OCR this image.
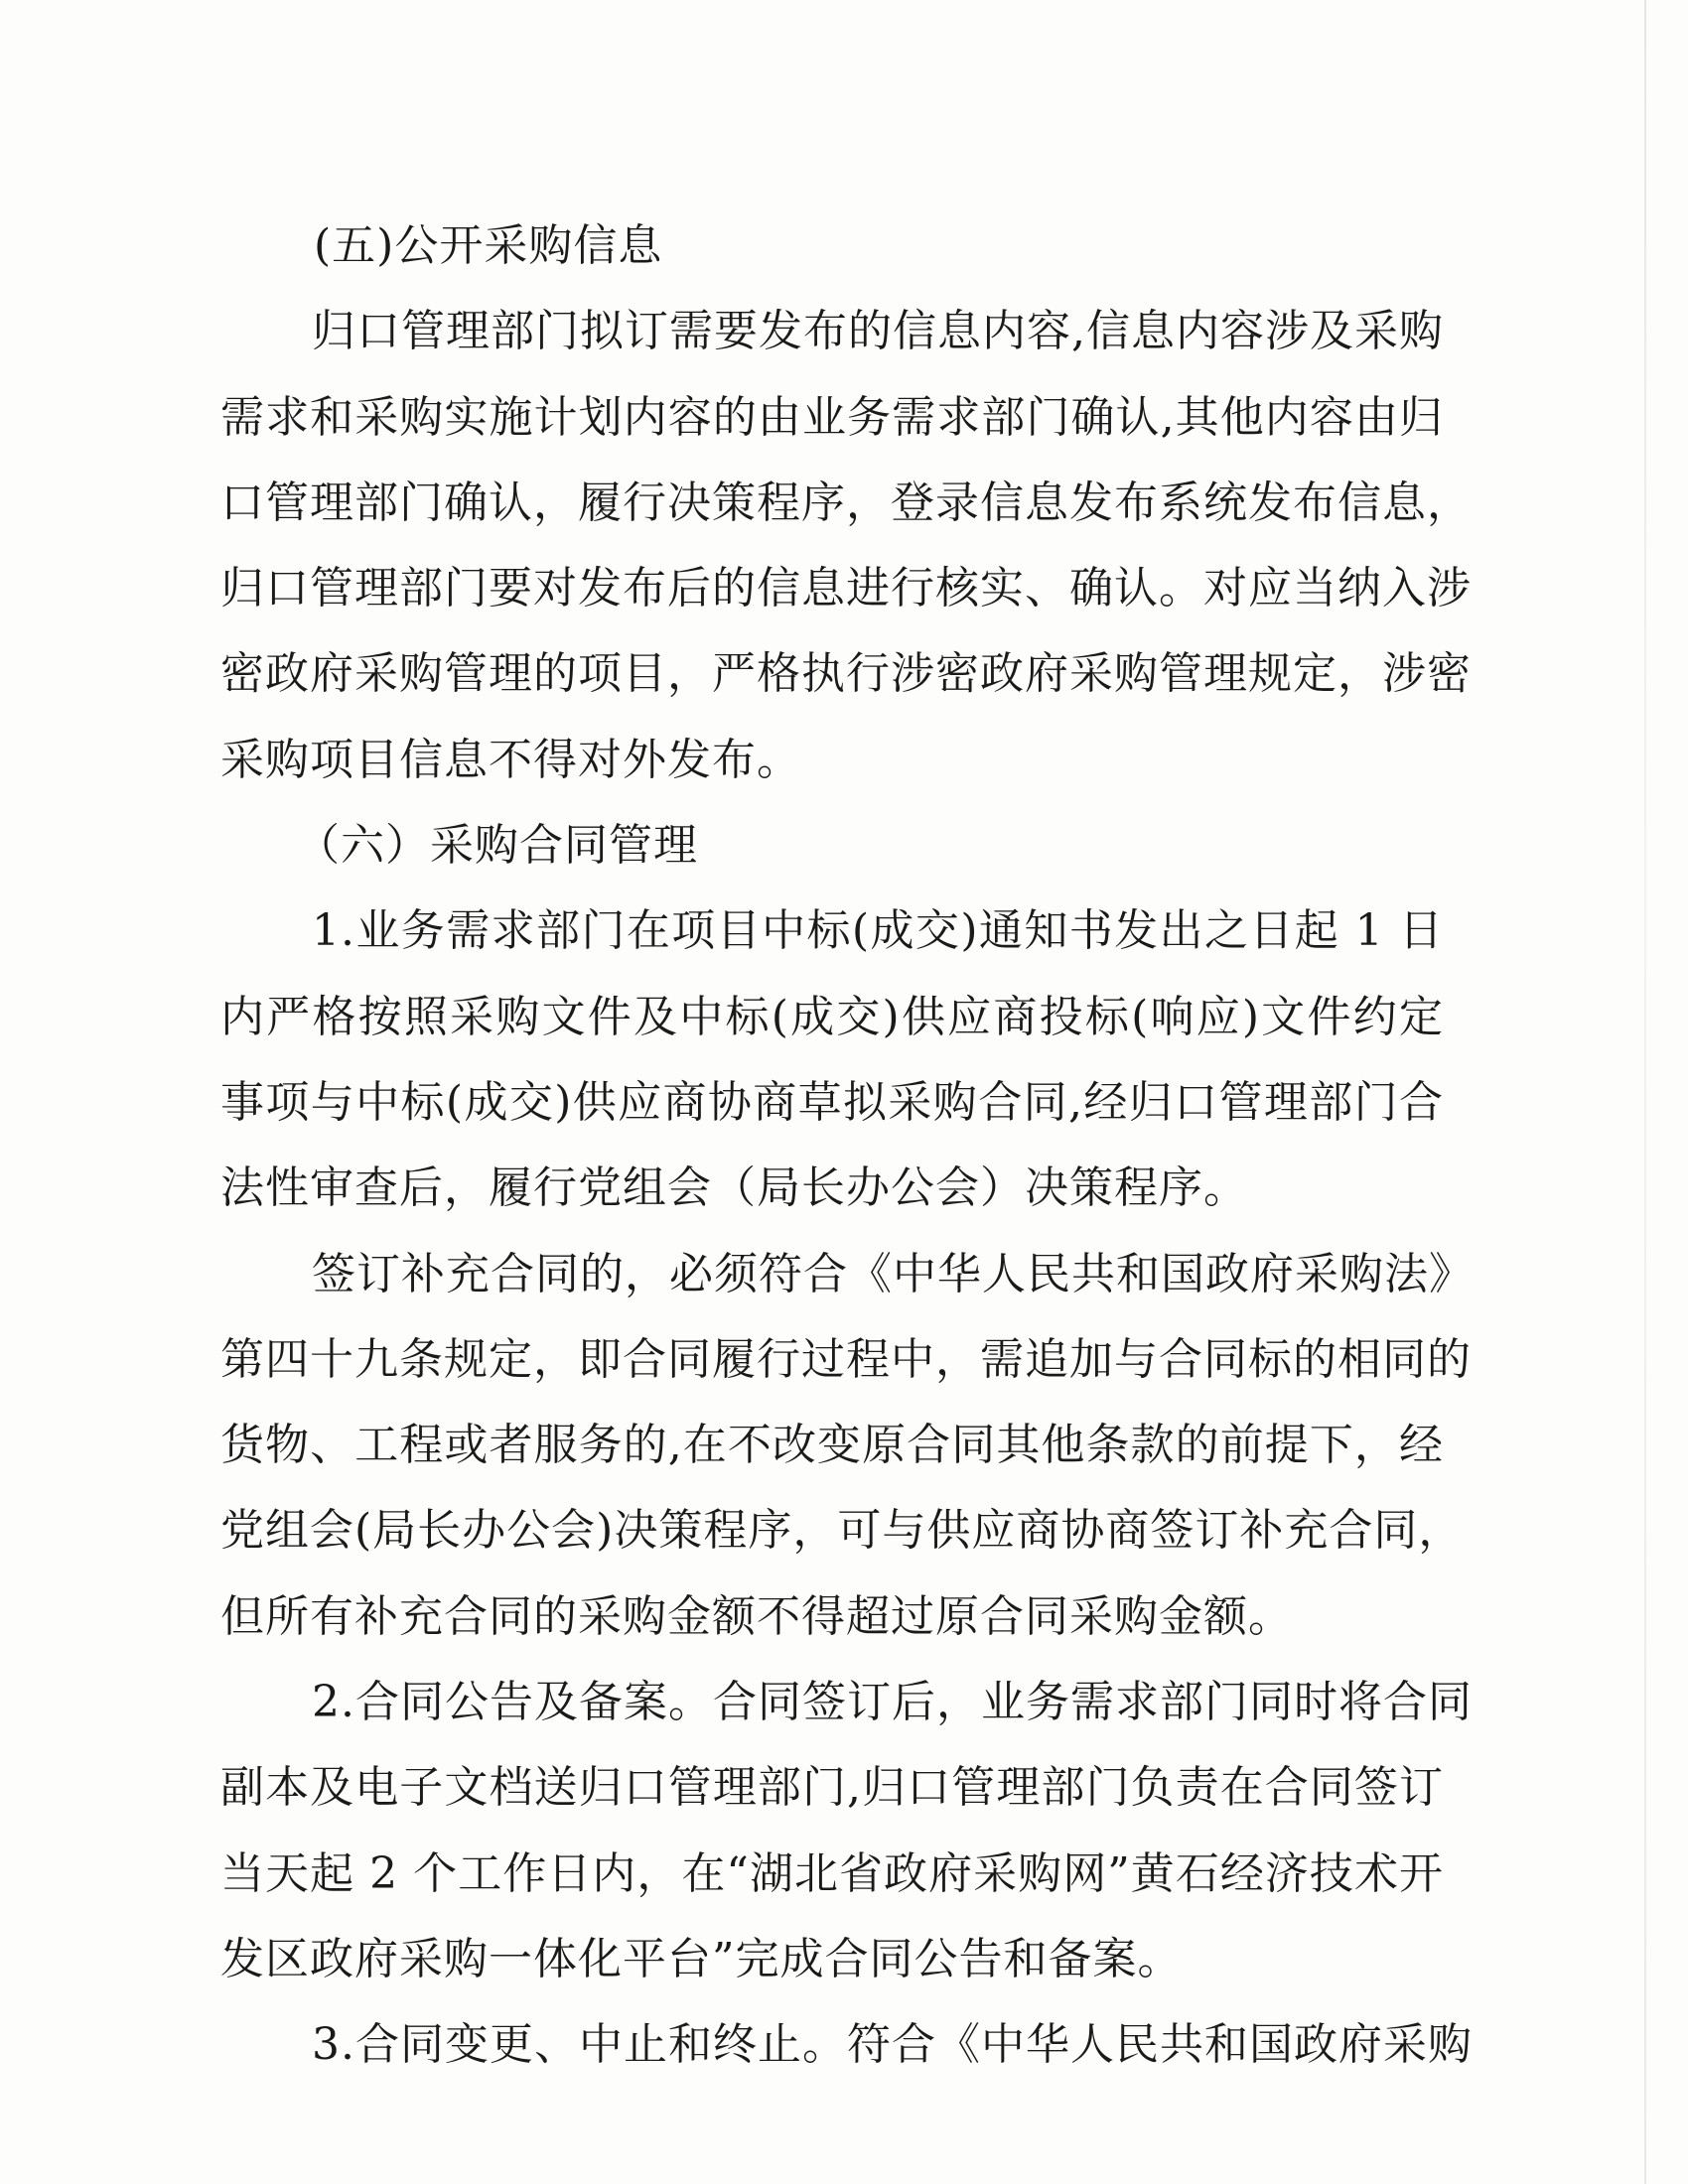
(五)公开采购信息
归口管理部门拟订需要发布的信息内容,信息内容涉及采购
需求和采购实施计划内容的由业务需求部门确认,其他内容由归
口管理部门确认，履行决策程序，登录信息发布系统发布信息，
归口管理部门要对发布后的信息进行核实、确认。对应当纳入涉
密政府采购管理的项目，严格执行涉密政府采购管理规定，涉密
采购项目信息不得对外发布。
（六）采购合同管理
1.业务需求部门在项目中标(成交)通知书发出之日起 1 日
内严格按照采购文件及中标(成交)供应商投标(响应)文件约定
事项与中标(成交)供应商协商草拟采购合同,经归口管理部门合
法性审查后，履行党组会（局长办公会）决策程序。
签订补充合同的，必须符合《中华人民共和国政府采购法》
第四十九条规定，即合同履行过程中，需追加与合同标的相同的
货物、工程或者服务的,在不改变原合同其他条款的前提下，经
党组会(局长办公会)决策程序，可与供应商协商签订补充合同，
但所有补充合同的采购金额不得超过原合同采购金额。
2.合同公告及备案。合同签订后，业务需求部门同时将合同
副本及电子文档送归口管理部门,归口管理部门负责在合同签订
当天起 2 个工作日内，在“湖北省政府采购网”黄石经济技术开
发区政府采购一体化平台”完成合同公告和备案。
3.合同变更、中止和终止。符合《中华人民共和国政府采购
